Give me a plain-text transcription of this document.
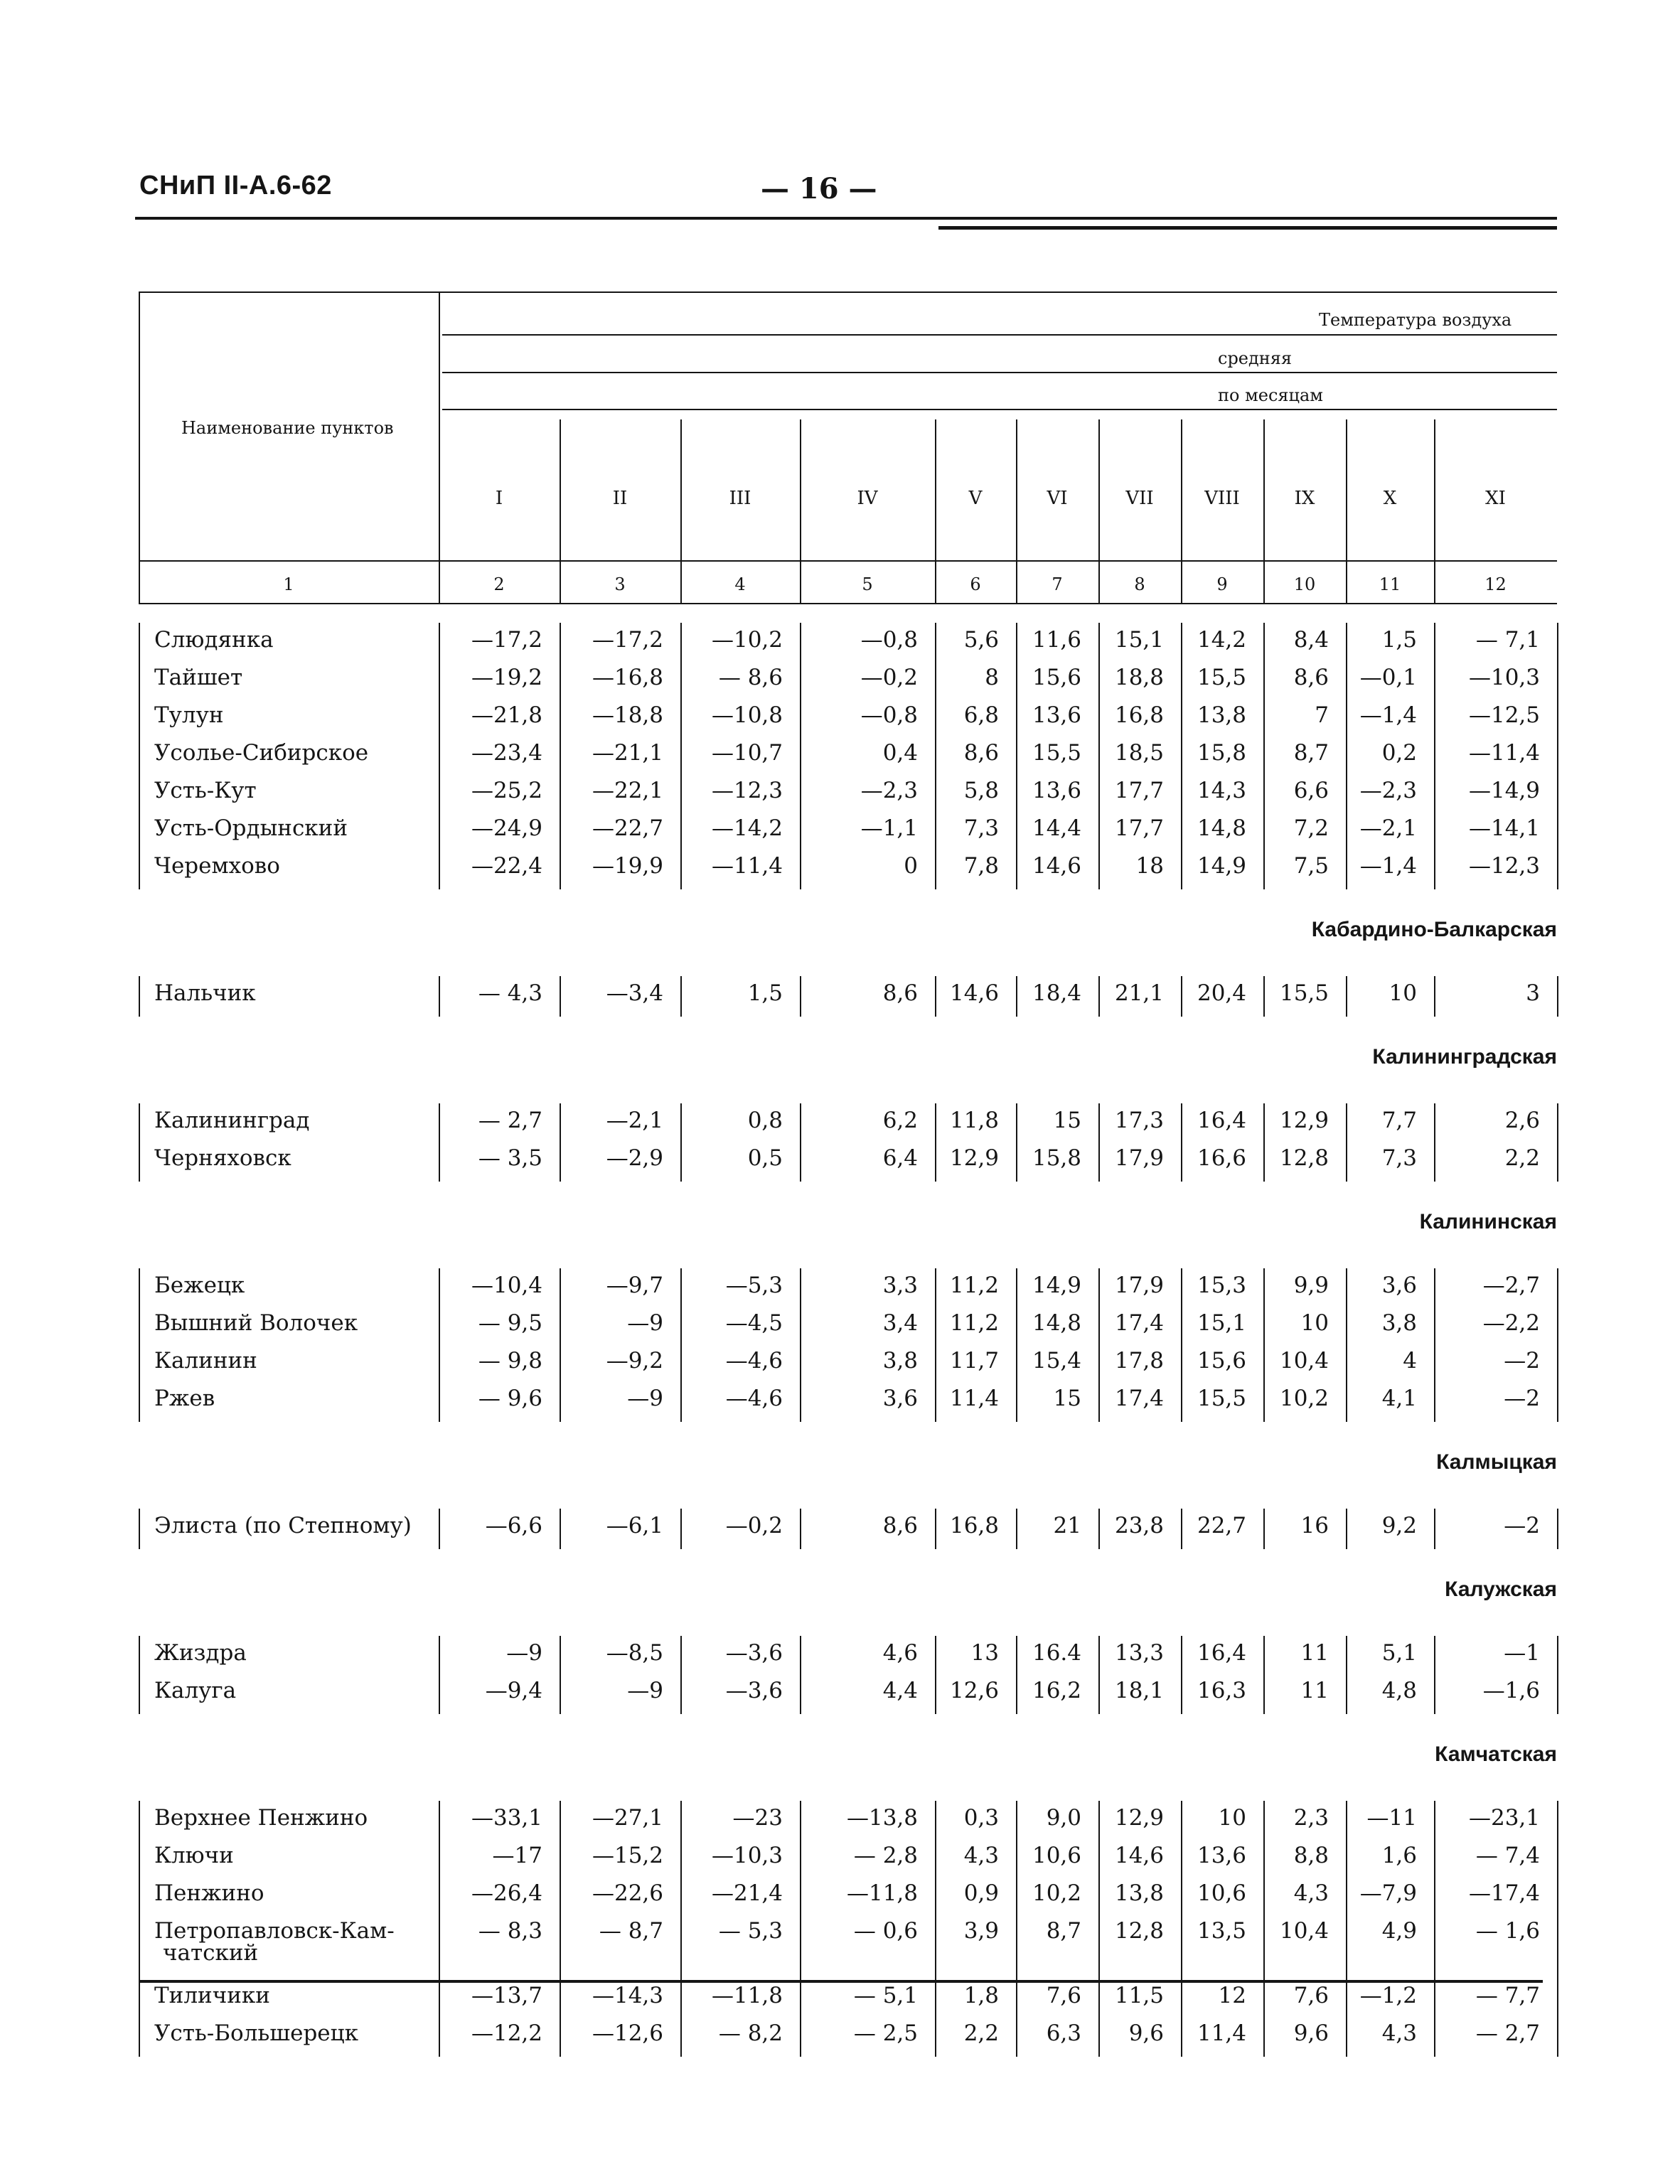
СНиП II-А.6-62	— 16 —
Температура воздуха
средняя
по месяцам
Наименование пунктов
I	II	III	IV	V	VI	VII	VIII	IX	X	XI
1	2	3	4	5	6	7	8	9	10	11	12
Слюдянка	—17,2	—17,2	—10,2	—0,8	5,6	11,6	15,1	14,2	8,4	1,5	— 7,1
Тайшет	—19,2	—16,8	— 8,6	—0,2	8	15,6	18,8	15,5	8,6	—0,1	—10,3
Тулун	—21,8	—18,8	—10,8	—0,8	6,8	13,6	16,8	13,8	7	—1,4	—12,5
Усолье-Сибирское	—23,4	—21,1	—10,7	0,4	8,6	15,5	18,5	15,8	8,7	0,2	—11,4
Усть-Кут	—25,2	—22,1	—12,3	—2,3	5,8	13,6	17,7	14,3	6,6	—2,3	—14,9
Усть-Ордынский	—24,9	—22,7	—14,2	—1,1	7,3	14,4	17,7	14,8	7,2	—2,1	—14,1
Черемхово	—22,4	—19,9	—11,4	0	7,8	14,6	18	14,9	7,5	—1,4	—12,3
Кабардино-Балкарская
Нальчик	— 4,3	—3,4	1,5	8,6	14,6	18,4	21,1	20,4	15,5	10	3
Калининградская
Калининград	— 2,7	—2,1	0,8	6,2	11,8	15	17,3	16,4	12,9	7,7	2,6
Черняховск	— 3,5	—2,9	0,5	6,4	12,9	15,8	17,9	16,6	12,8	7,3	2,2
Калининская
Бежецк	—10,4	—9,7	—5,3	3,3	11,2	14,9	17,9	15,3	9,9	3,6	—2,7
Вышний Волочек	— 9,5	—9	—4,5	3,4	11,2	14,8	17,4	15,1	10	3,8	—2,2
Калинин	— 9,8	—9,2	—4,6	3,8	11,7	15,4	17,8	15,6	10,4	4	—2
Ржев	— 9,6	—9	—4,6	3,6	11,4	15	17,4	15,5	10,2	4,1	—2
Калмыцкая
Элиста (по Степному)	—6,6	—6,1	—0,2	8,6	16,8	21	23,8	22,7	16	9,2	—2
Калужская
Жиздра	—9	—8,5	—3,6	4,6	13	16.4	13,3	16,4	11	5,1	—1
Калуга	—9,4	—9	—3,6	4,4	12,6	16,2	18,1	16,3	11	4,8	—1,6
Камчатская
Верхнее Пенжино	—33,1	—27,1	—23	—13,8	0,3	9,0	12,9	10	2,3	—11	—23,1
Ключи	—17	—15,2	—10,3	— 2,8	4,3	10,6	14,6	13,6	8,8	1,6	— 7,4
Пенжино	—26,4	—22,6	—21,4	—11,8	0,9	10,2	13,8	10,6	4,3	—7,9	—17,4
Петропавловск-Кам-	— 8,3	— 8,7	— 5,3	— 0,6	3,9	8,7	12,8	13,5	10,4	4,9	— 1,6
чатский
Тиличики	—13,7	—14,3	—11,8	— 5,1	1,8	7,6	11,5	12	7,6	—1,2	— 7,7
Усть-Большерецк	—12,2	—12,6	— 8,2	— 2,5	2,2	6,3	9,6	11,4	9,6	4,3	— 2,7
